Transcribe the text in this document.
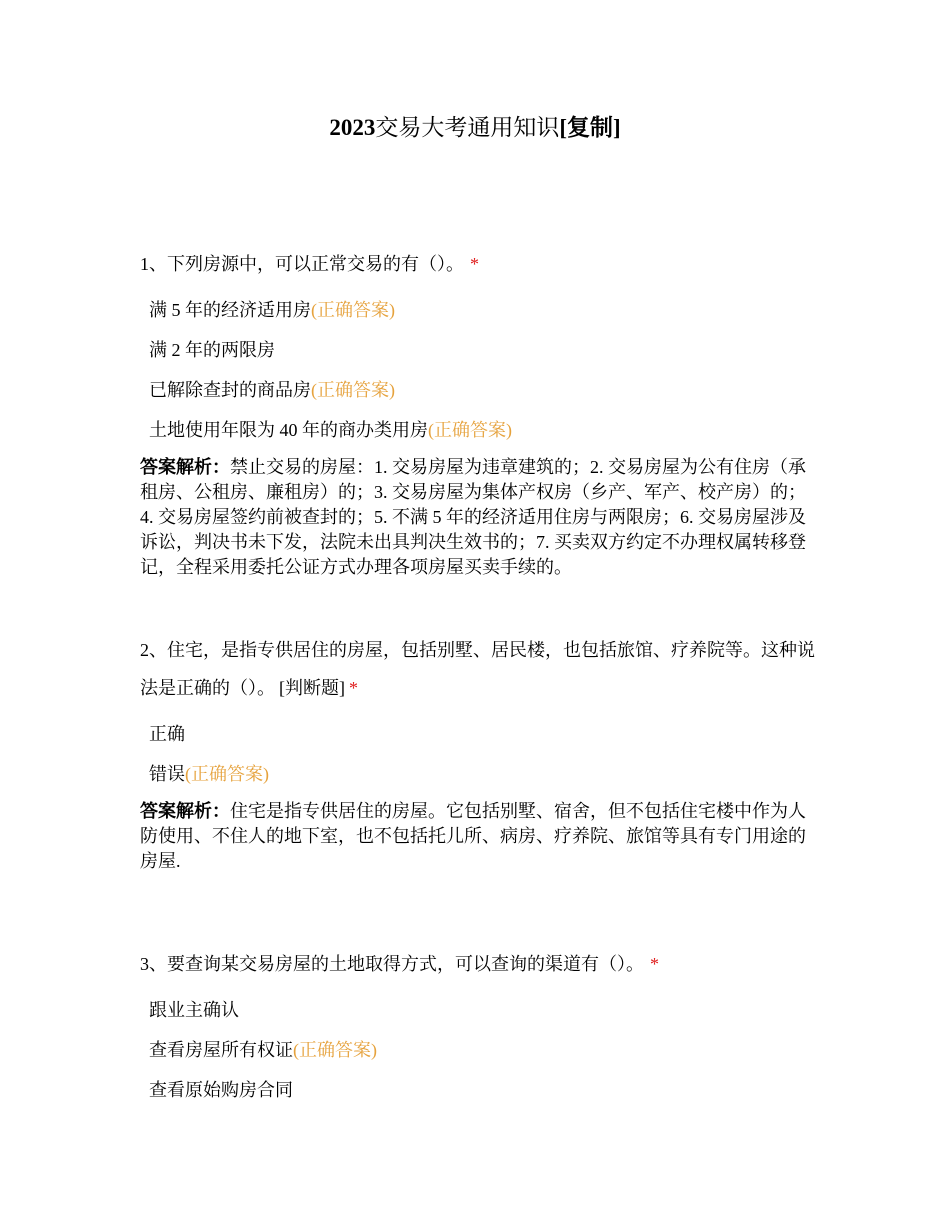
2023交易大考通用知识[复制]

1、下列房源中，可以正常交易的有（）。 *

满 5 年的经济适用房(正确答案)
满 2 年的两限房
已解除查封的商品房(正确答案)
土地使用年限为 40 年的商办类用房(正确答案)
答案解析：禁止交易的房屋：1. 交易房屋为违章建筑的；2. 交易房屋为公有住房（承租房、公租房、廉租房）的；3. 交易房屋为集体产权房（乡产、军产、校产房）的；4. 交易房屋签约前被查封的；5. 不满 5 年的经济适用住房与两限房；6. 交易房屋涉及诉讼，判决书未下发，法院未出具判决生效书的；7. 买卖双方约定不办理权属转移登记，全程采用委托公证方式办理各项房屋买卖手续的。

2、住宅，是指专供居住的房屋，包括别墅、居民楼，也包括旅馆、疗养院等。这种说法是正确的（）。 [判断题] *

正确
错误(正确答案)
答案解析：住宅是指专供居住的房屋。它包括别墅、宿舍，但不包括住宅楼中作为人防使用、不住人的地下室，也不包括托儿所、病房、疗养院、旅馆等具有专门用途的房屋.

3、要查询某交易房屋的土地取得方式，可以查询的渠道有（）。 *

跟业主确认
查看房屋所有权证(正确答案)
查看原始购房合同
